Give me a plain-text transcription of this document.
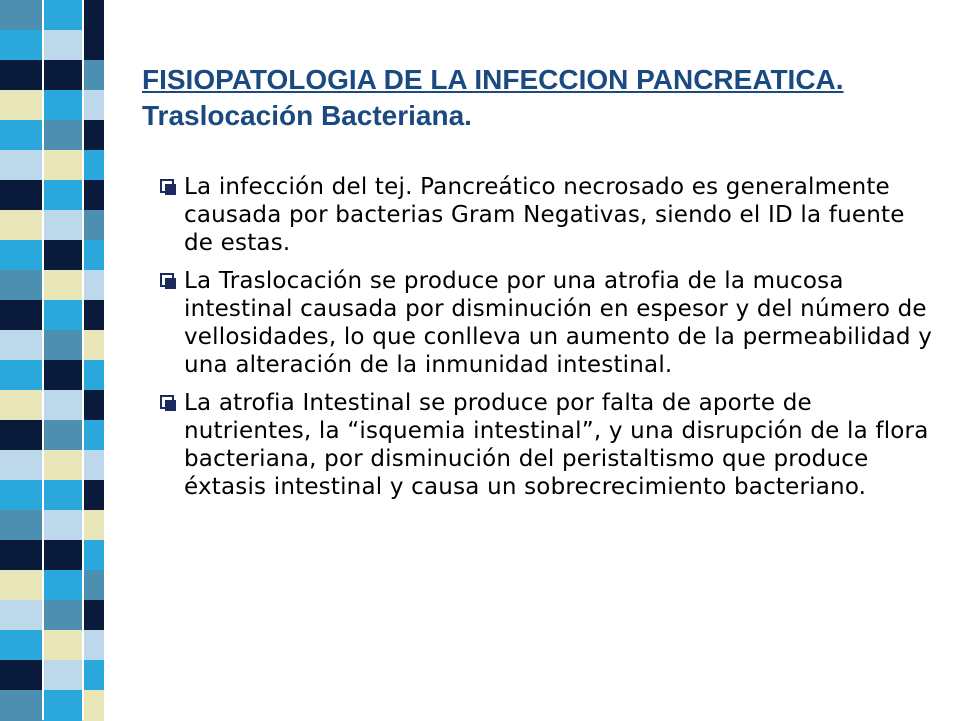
FISIOPATOLOGIA DE LA INFECCION PANCREATICA. Traslocación Bacteriana.
La infección del tej. Pancreático necrosado es generalmente causada por bacterias Gram Negativas, siendo el ID la fuente de estas.
La Traslocación se produce por una atrofia de la mucosa intestinal causada por disminución en espesor y del número de vellosidades, lo que conlleva un aumento de la permeabilidad y una alteración de la inmunidad intestinal.
La atrofia Intestinal se produce por falta de aporte de nutrientes, la “isquemia intestinal”, y una disrupción de la flora bacteriana, por disminución del peristaltismo que produce éxtasis intestinal y causa un sobrecrecimiento bacteriano.
